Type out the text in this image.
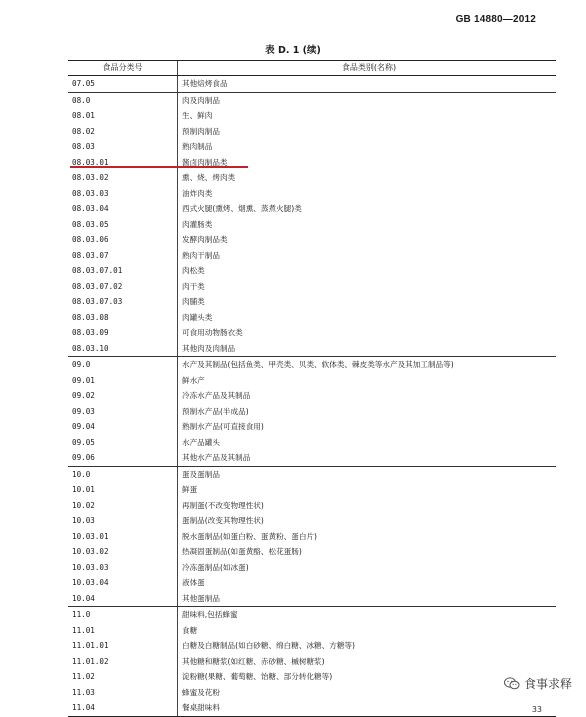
GB 14880—2012
表 D. 1 (续)
食品分类号	食品类别(名称)
07.05	其他焙烤食品
08.0	肉及肉制品
08.01	生、鲜肉
08.02	预制肉制品
08.03	熟肉制品
08.03.01	酱卤肉制品类
08.03.02	熏、烧、烤肉类
08.03.03	油炸肉类
08.03.04	西式火腿(熏烤、烟熏、蒸煮火腿)类
08.03.05	肉灌肠类
08.03.06	发酵肉制品类
08.03.07	熟肉干制品
08.03.07.01	肉松类
08.03.07.02	肉干类
08.03.07.03	肉脯类
08.03.08	肉罐头类
08.03.09	可食用动物肠衣类
08.03.10	其他肉及肉制品
09.0	水产及其制品(包括鱼类、甲壳类、贝类、软体类、棘皮类等水产及其加工制品等)
09.01	鲜水产
09.02	冷冻水产品及其制品
09.03	预制水产品(半成品)
09.04	熟制水产品(可直接食用)
09.05	水产品罐头
09.06	其他水产品及其制品
10.0	蛋及蛋制品
10.01	鲜蛋
10.02	再制蛋(不改变物理性状)
10.03	蛋制品(改变其物理性状)
10.03.01	脱水蛋制品(如蛋白粉、蛋黄粉、蛋白片)
10.03.02	热凝固蛋制品(如蛋黄酪、松花蛋肠)
10.03.03	冷冻蛋制品(如冰蛋)
10.03.04	液体蛋
10.04	其他蛋制品
11.0	甜味料,包括蜂蜜
11.01	食糖
11.01.01	白糖及白糖制品(如白砂糖、绵白糖、冰糖、方糖等)
11.01.02	其他糖和糖浆(如红糖、赤砂糖、槭树糖浆)
11.02	淀粉糖(果糖、葡萄糖、饴糖、部分转化糖等)
11.03	蜂蜜及花粉
11.04	餐桌甜味料
食事求释
33
